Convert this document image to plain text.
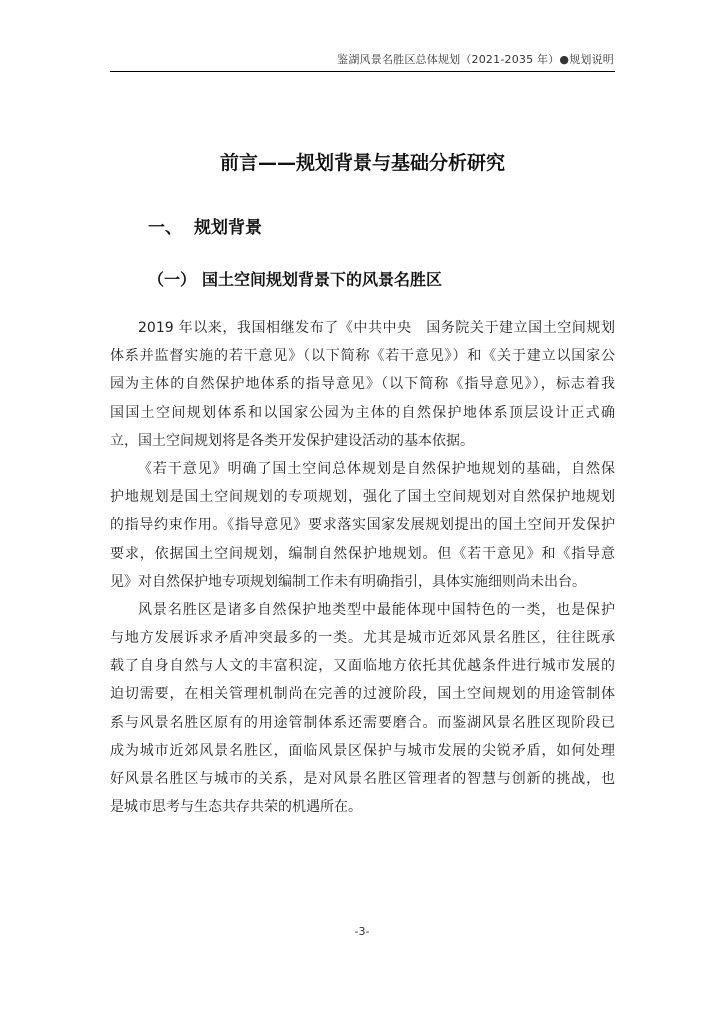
鉴湖风景名胜区总体规划（2021-2035 年）●规划说明
前言——规划背景与基础分析研究
一、 规划背景
（一） 国土空间规划背景下的风景名胜区
2019 年以来，我国相继发布了《中共中央　国务院关于建立国土空间规划
体系并监督实施的若干意见》（以下简称《若干意见》）和《关于建立以国家公
园为主体的自然保护地体系的指导意见》（以下简称《指导意见》），标志着我
国国土空间规划体系和以国家公园为主体的自然保护地体系顶层设计正式确
立，国土空间规划将是各类开发保护建设活动的基本依据。
《若干意见》明确了国土空间总体规划是自然保护地规划的基础，自然保
护地规划是国土空间规划的专项规划，强化了国土空间规划对自然保护地规划
的指导约束作用。《指导意见》要求落实国家发展规划提出的国土空间开发保护
要求，依据国土空间规划，编制自然保护地规划。但《若干意见》和《指导意
见》对自然保护地专项规划编制工作未有明确指引，具体实施细则尚未出台。
风景名胜区是诸多自然保护地类型中最能体现中国特色的一类，也是保护
与地方发展诉求矛盾冲突最多的一类。尤其是城市近郊风景名胜区，往往既承
载了自身自然与人文的丰富积淀，又面临地方依托其优越条件进行城市发展的
迫切需要，在相关管理机制尚在完善的过渡阶段，国土空间规划的用途管制体
系与风景名胜区原有的用途管制体系还需要磨合。而鉴湖风景名胜区现阶段已
成为城市近郊风景名胜区，面临风景区保护与城市发展的尖锐矛盾，如何处理
好风景名胜区与城市的关系，是对风景名胜区管理者的智慧与创新的挑战，也
是城市思考与生态共存共荣的机遇所在。
-3-
